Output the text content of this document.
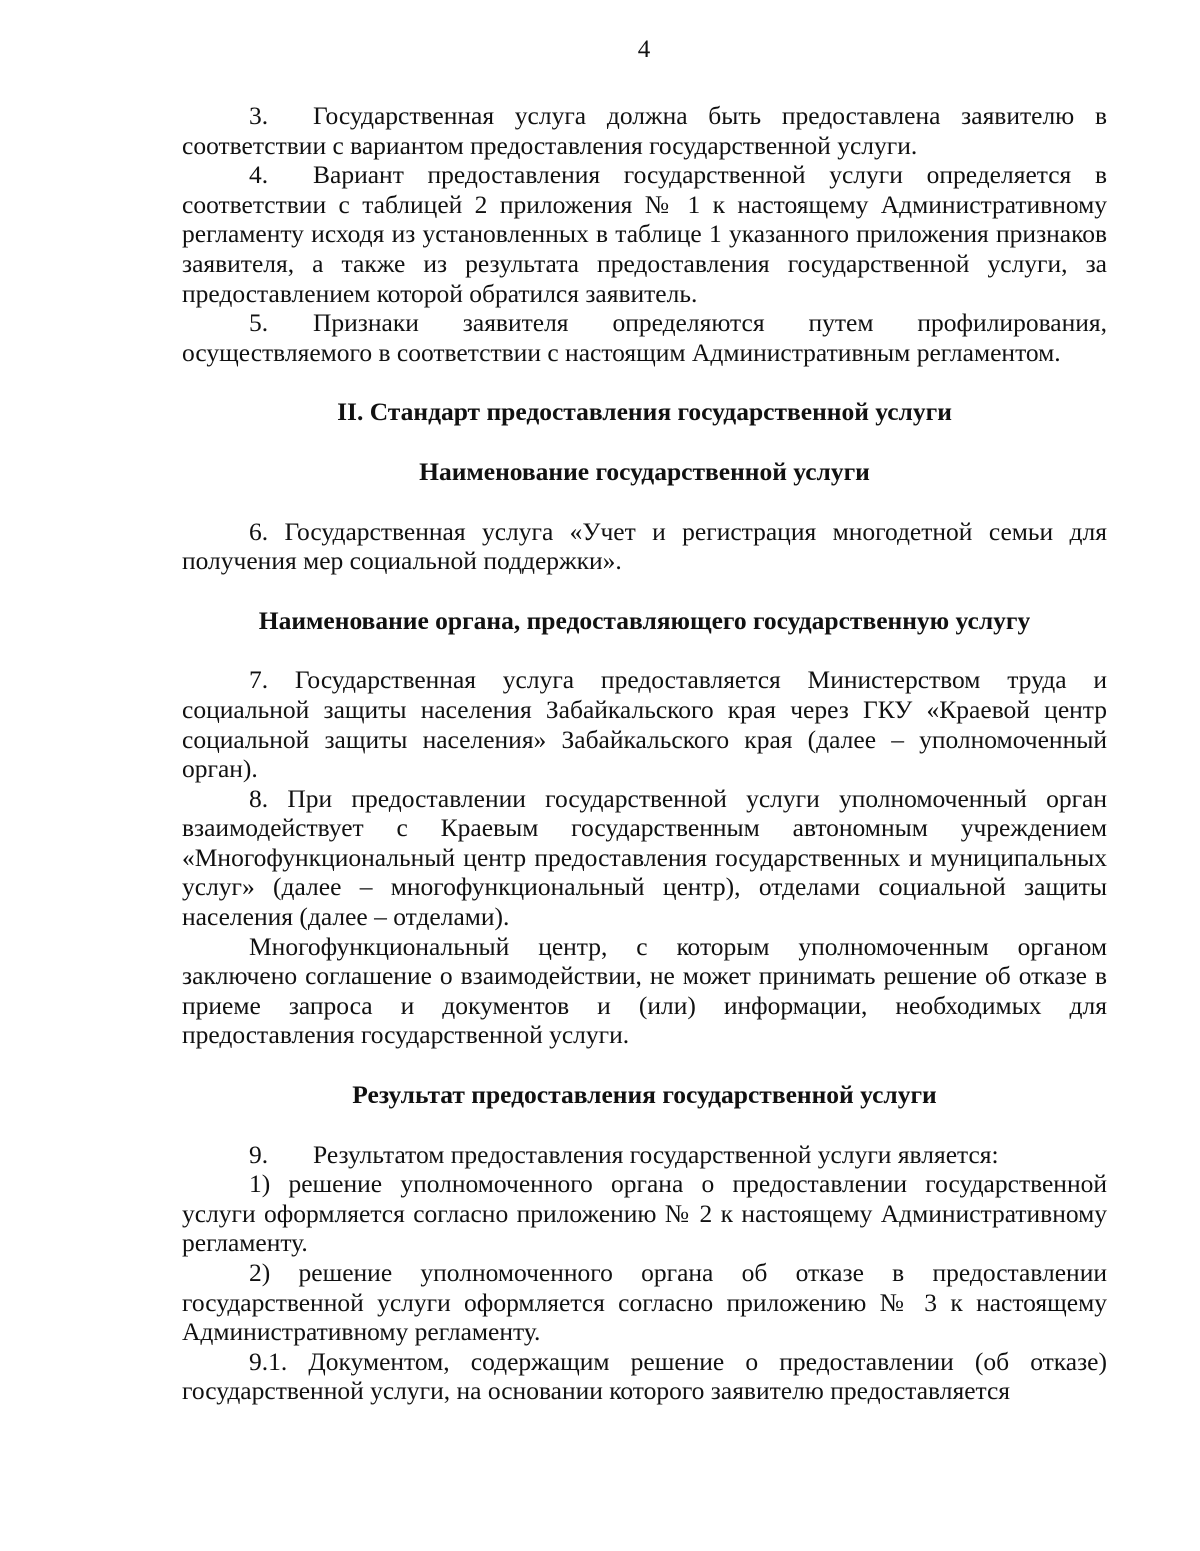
4

3. Государственная услуга должна быть предоставлена заявителю в соответствии с вариантом предоставления государственной услуги.

4. Вариант предоставления государственной услуги определяется в соответствии с таблицей 2 приложения № 1 к настоящему Административному регламенту исходя из установленных в таблице 1 указанного приложения признаков заявителя, а также из результата предоставления государственной услуги, за предоставлением которой обратился заявитель.

5. Признаки заявителя определяются путем профилирования, осуществляемого в соответствии с настоящим Административным регламентом.

II. Стандарт предоставления государственной услуги
Наименование государственной услуги

6. Государственная услуга «Учет и регистрация многодетной семьи для получения мер социальной поддержки».

Наименование органа, предоставляющего государственную услугу

7. Государственная услуга предоставляется Министерством труда и социальной защиты населения Забайкальского края через ГКУ «Краевой центр социальной защиты населения» Забайкальского края (далее – уполномоченный орган).

8. При предоставлении государственной услуги уполномоченный орган взаимодействует с Краевым государственным автономным учреждением «Многофункциональный центр предоставления государственных и муниципальных услуг» (далее – многофункциональный центр), отделами социальной защиты населения (далее – отделами).

Многофункциональный центр, с которым уполномоченным органом заключено соглашение о взаимодействии, не может принимать решение об отказе в приеме запроса и документов и (или) информации, необходимых для предоставления государственной услуги.

Результат предоставления государственной услуги

9. Результатом предоставления государственной услуги является:

1) решение уполномоченного органа о предоставлении государственной услуги оформляется согласно приложению № 2 к настоящему Административному регламенту.

2) решение уполномоченного органа об отказе в предоставлении государственной услуги оформляется согласно приложению № 3 к настоящему Административному регламенту.

9.1. Документом, содержащим решение о предоставлении (об отказе) государственной услуги, на основании которого заявителю предоставляется
